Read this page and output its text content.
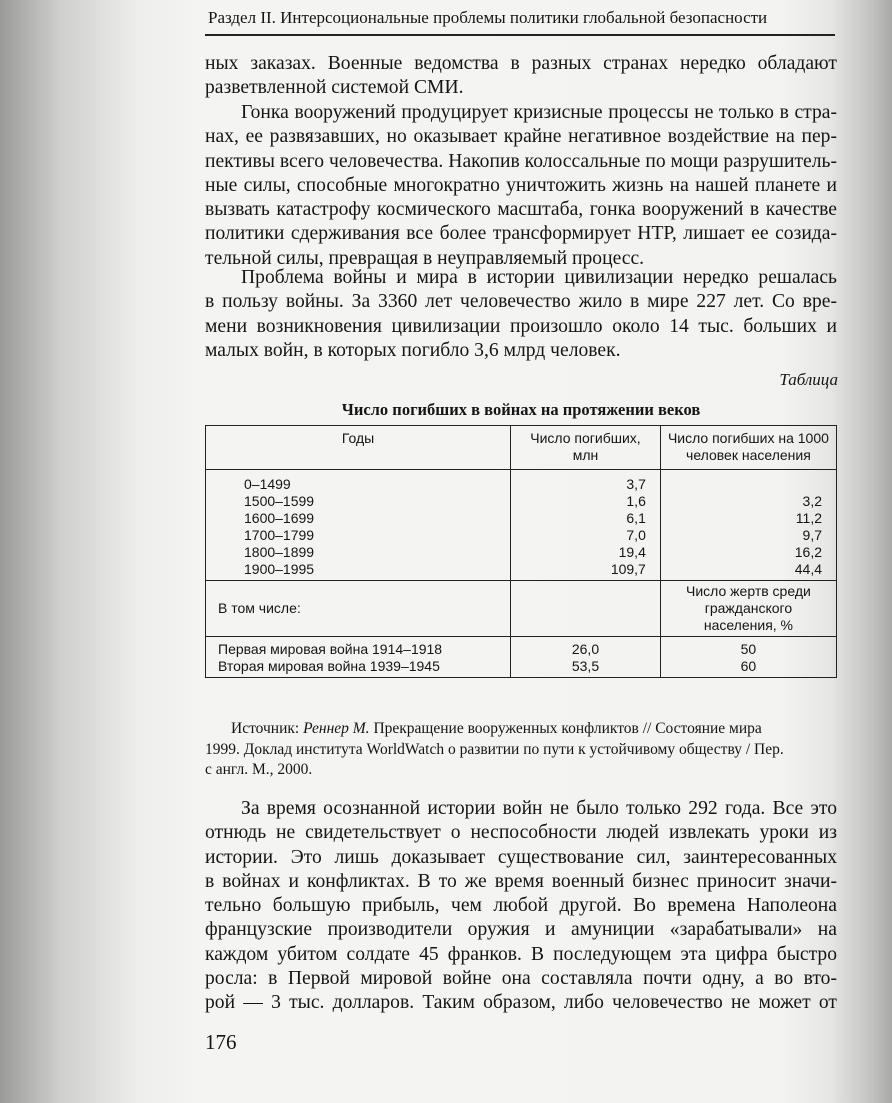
Раздел II. Интерсоциональные проблемы политики глобальной безопасности
ных заказах. Военные ведомства в разных странах нередко обладают
разветвленной системой СМИ.
Гонка вооружений продуцирует кризисные процессы не только в стра-
нах, ее развязавших, но оказывает крайне негативное воздействие на пер-
пективы всего человечества. Накопив колоссальные по мощи разрушитель-
ные силы, способные многократно уничтожить жизнь на нашей планете и
вызвать катастрофу космического масштаба, гонка вооружений в качестве
политики сдерживания все более трансформирует НТР, лишает ее созида-
тельной силы, превращая в неуправляемый процесс.
Проблема войны и мира в истории цивилизации нередко решалась
в пользу войны. За 3360 лет человечество жило в мире 227 лет. Со вре-
мени возникновения цивилизации произошло около 14 тыс. больших и
малых войн, в которых погибло 3,6 млрд человек.
Таблица
Число погибших в войнах на протяжении веков
Годы	Число погибших, млн	Число погибших на 1000 человек населения
0–1499	3,7	
1500–1599	1,6	3,2
1600–1699	6,1	11,2
1700–1799	7,0	9,7
1800–1899	19,4	16,2
1900–1995	109,7	44,4
В том числе:		Число жертв среди гражданского населения, %
Первая мировая война 1914–1918	26,0	50
Вторая мировая война 1939–1945	53,5	60
Источник: Реннер М. Прекращение вооруженных конфликтов // Состояние мира
1999. Доклад института WorldWatch о развитии по пути к устойчивому обществу / Пер.
с англ. М., 2000.
За время осознанной истории войн не было только 292 года. Все это
отнюдь не свидетельствует о неспособности людей извлекать уроки из
истории. Это лишь доказывает существование сил, заинтересованных
в войнах и конфликтах. В то же время военный бизнес приносит значи-
тельно большую прибыль, чем любой другой. Во времена Наполеона
французские производители оружия и амуниции «зарабатывали» на
каждом убитом солдате 45 франков. В последующем эта цифра быстро
росла: в Первой мировой войне она составляла почти одну, а во вто-
рой — 3 тыс. долларов. Таким образом, либо человечество не может от
176
